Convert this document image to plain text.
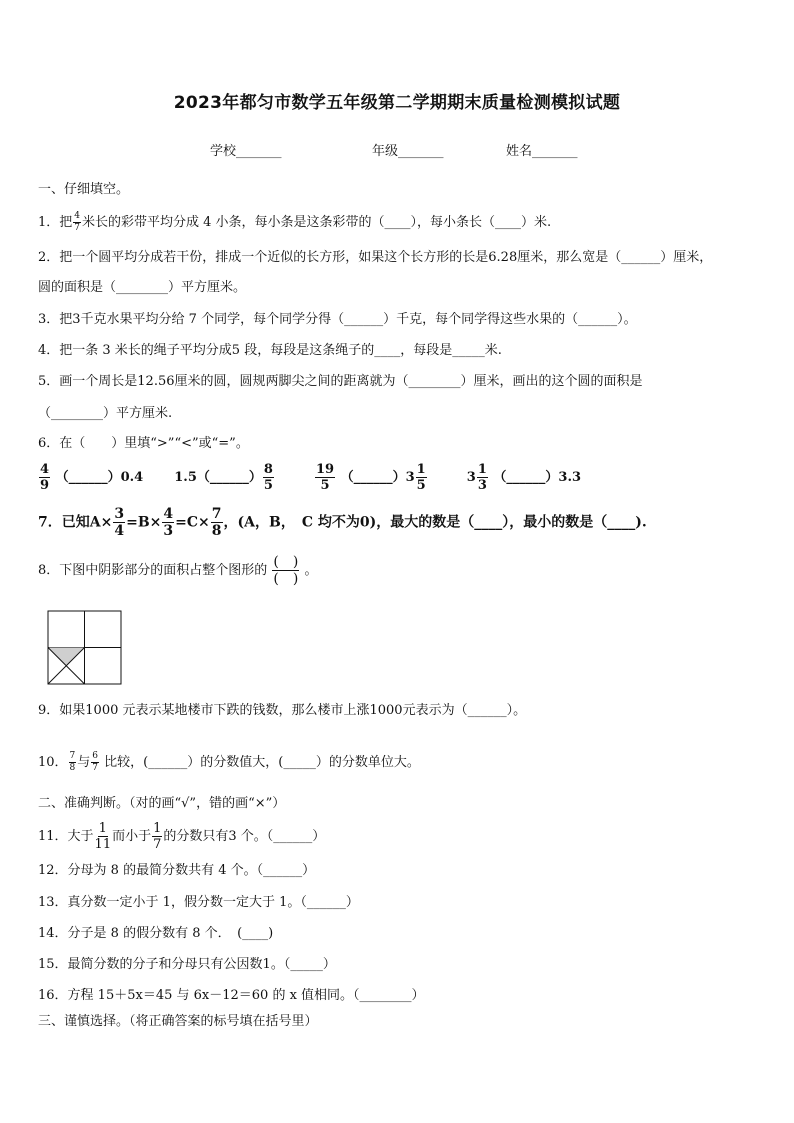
2023年都匀市数学五年级第二学期期末质量检测模拟试题
学校_______	年级_______	姓名_______
一、仔细填空。
1．把 $\frac{4}{7}$ 米长的彩带平均分成 4 小条，每小条是这条彩带的（____），每小条长（____）米.
2．把一个圆平均分成若干份，排成一个近似的长方形，如果这个长方形的长是6.28厘米，那么宽是（______）厘米，
圆的面积是（________）平方厘米。
3．把3千克水果平均分给 7 个同学，每个同学分得（______）千克，每个同学得这些水果的（______）。
4．把一条 3 米长的绳子平均分成5 段，每段是这条绳子的____，每段是_____米.
5．画一个周长是12.56厘米的圆，圆规两脚尖之间的距离就为（________）厘米，画出的这个圆的面积是
（________）平方厘米.
6．在（　　）里填“>”“<”或“=”。
$\frac{4}{9}$ （______）0.4 1.5（______） $\frac{8}{5}$
	$\frac{19}{5}$ （______）3 $\frac{1}{5}$	$3 \frac{1}{3}$ （______）3.3
7．已知$A\times \frac{3}{4} =B\times \frac{4}{3} =C\times \frac{7}{8}$ ，(A，B，　C 均不为0)，最大的数是（____），最小的数是（____).
8．下图中阴影部分的面积占整个图形的 $\frac{( )}{( )}$ 。
9．如果1000 元表示某地楼市下跌的钱数，那么楼市上涨1000元表示为（______）。
10． $\frac{7}{8}$ 与 $\frac{6}{7}$ 比较，(______）的分数值大，(_____）的分数单位大。
二、准确判断。（对的画“√”，错的画“×”）
11．大于 $\frac{1}{11}$ 而小于 $\frac{1}{7}$ 的分数只有3 个。（______）
12．分母为 8 的最简分数共有 4 个。（______）
13．真分数一定小于 1，假分数一定大于 1。（______）
14．分子是 8 的假分数有 8 个．　(____)
15．最简分数的分子和分母只有公因数1。（_____）
16．方程 15＋5x＝45 与 6x－12＝60 的 x 值相同。（________）
三、谨慎选择。（将正确答案的标号填在括号里）
